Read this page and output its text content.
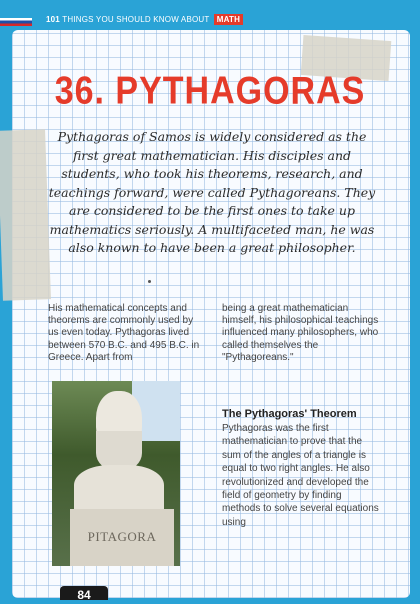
101 THINGS YOU SHOULD KNOW ABOUT MATH
36. PYTHAGORAS
Pythagoras of Samos is widely considered as the first great mathematician. His disciples and students, who took his theorems, research, and teachings forward, were called Pythagoreans. They are considered to be the first ones to take up mathematics seriously. A multifaceted man, he was also known to have been a great philosopher.
His mathematical concepts and theorems are commonly used by us even today. Pythagoras lived between 570 B.C. and 495 B.C. in Greece. Apart from
being a great mathematician himself, his philosophical teachings influenced many philosophers, who called themselves the "Pythagoreans."
PITAGORA
The Pythagoras' Theorem
Pythagoras was the first mathematician to prove that the sum of the angles of a triangle is equal to two right angles. He also revolutionized and developed the field of geometry by finding methods to solve several equations using
84
